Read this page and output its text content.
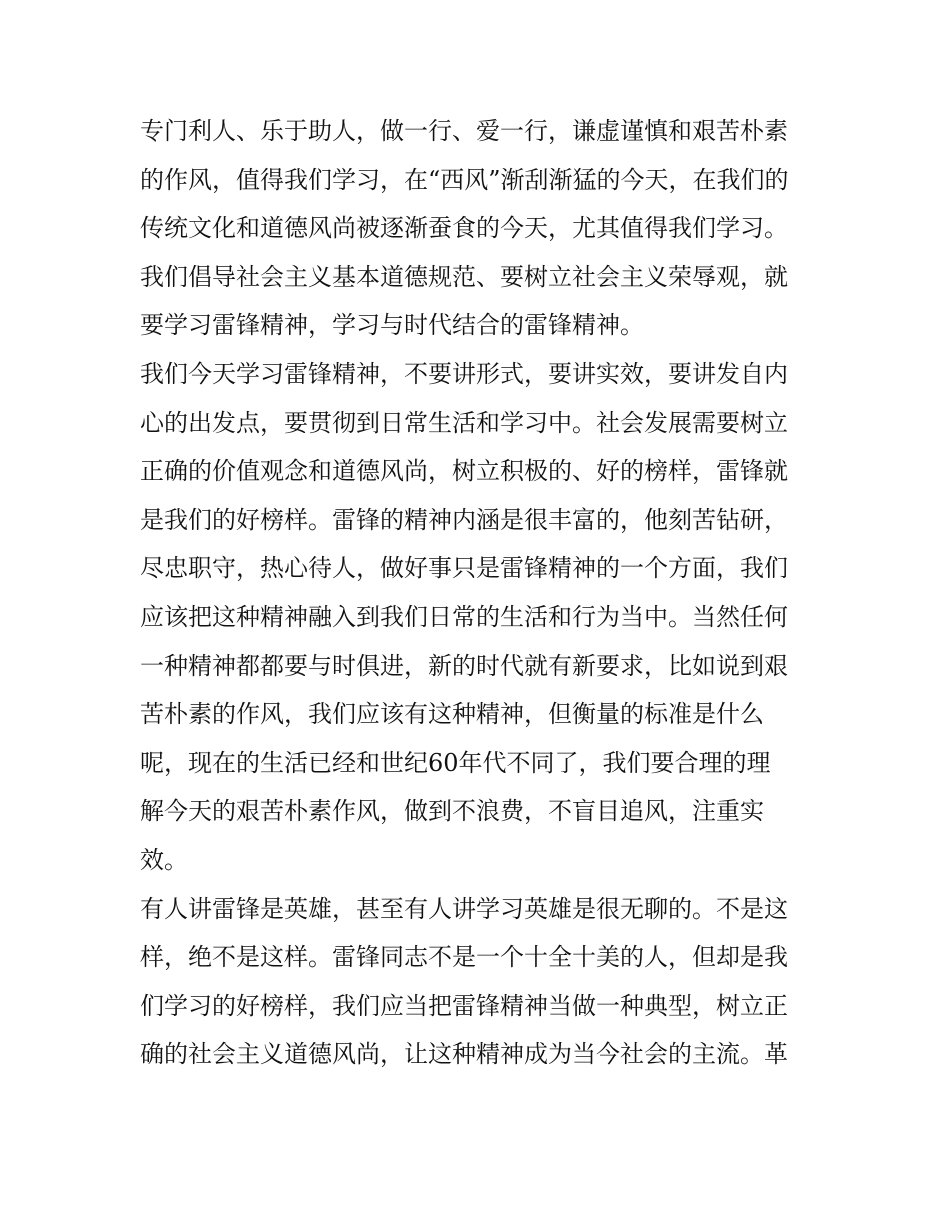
专门利人、乐于助人，做一行、爱一行，谦虚谨慎和艰苦朴素
的作风，值得我们学习，在“西风”渐刮渐猛的今天，在我们的
传统文化和道德风尚被逐渐蚕食的今天，尤其值得我们学习。
我们倡导社会主义基本道德规范、要树立社会主义荣辱观，就
要学习雷锋精神，学习与时代结合的雷锋精神。
我们今天学习雷锋精神，不要讲形式，要讲实效，要讲发自内
心的出发点，要贯彻到日常生活和学习中。社会发展需要树立
正确的价值观念和道德风尚，树立积极的、好的榜样，雷锋就
是我们的好榜样。雷锋的精神内涵是很丰富的，他刻苦钻研，
尽忠职守，热心待人，做好事只是雷锋精神的一个方面，我们
应该把这种精神融入到我们日常的生活和行为当中。当然任何
一种精神都都要与时俱进，新的时代就有新要求，比如说到艰
苦朴素的作风，我们应该有这种精神，但衡量的标准是什么
呢，现在的生活已经和世纪60年代不同了，我们要合理的理
解今天的艰苦朴素作风，做到不浪费，不盲目追风，注重实
效。
有人讲雷锋是英雄，甚至有人讲学习英雄是很无聊的。不是这
样，绝不是这样。雷锋同志不是一个十全十美的人，但却是我
们学习的好榜样，我们应当把雷锋精神当做一种典型，树立正
确的社会主义道德风尚，让这种精神成为当今社会的主流。革
